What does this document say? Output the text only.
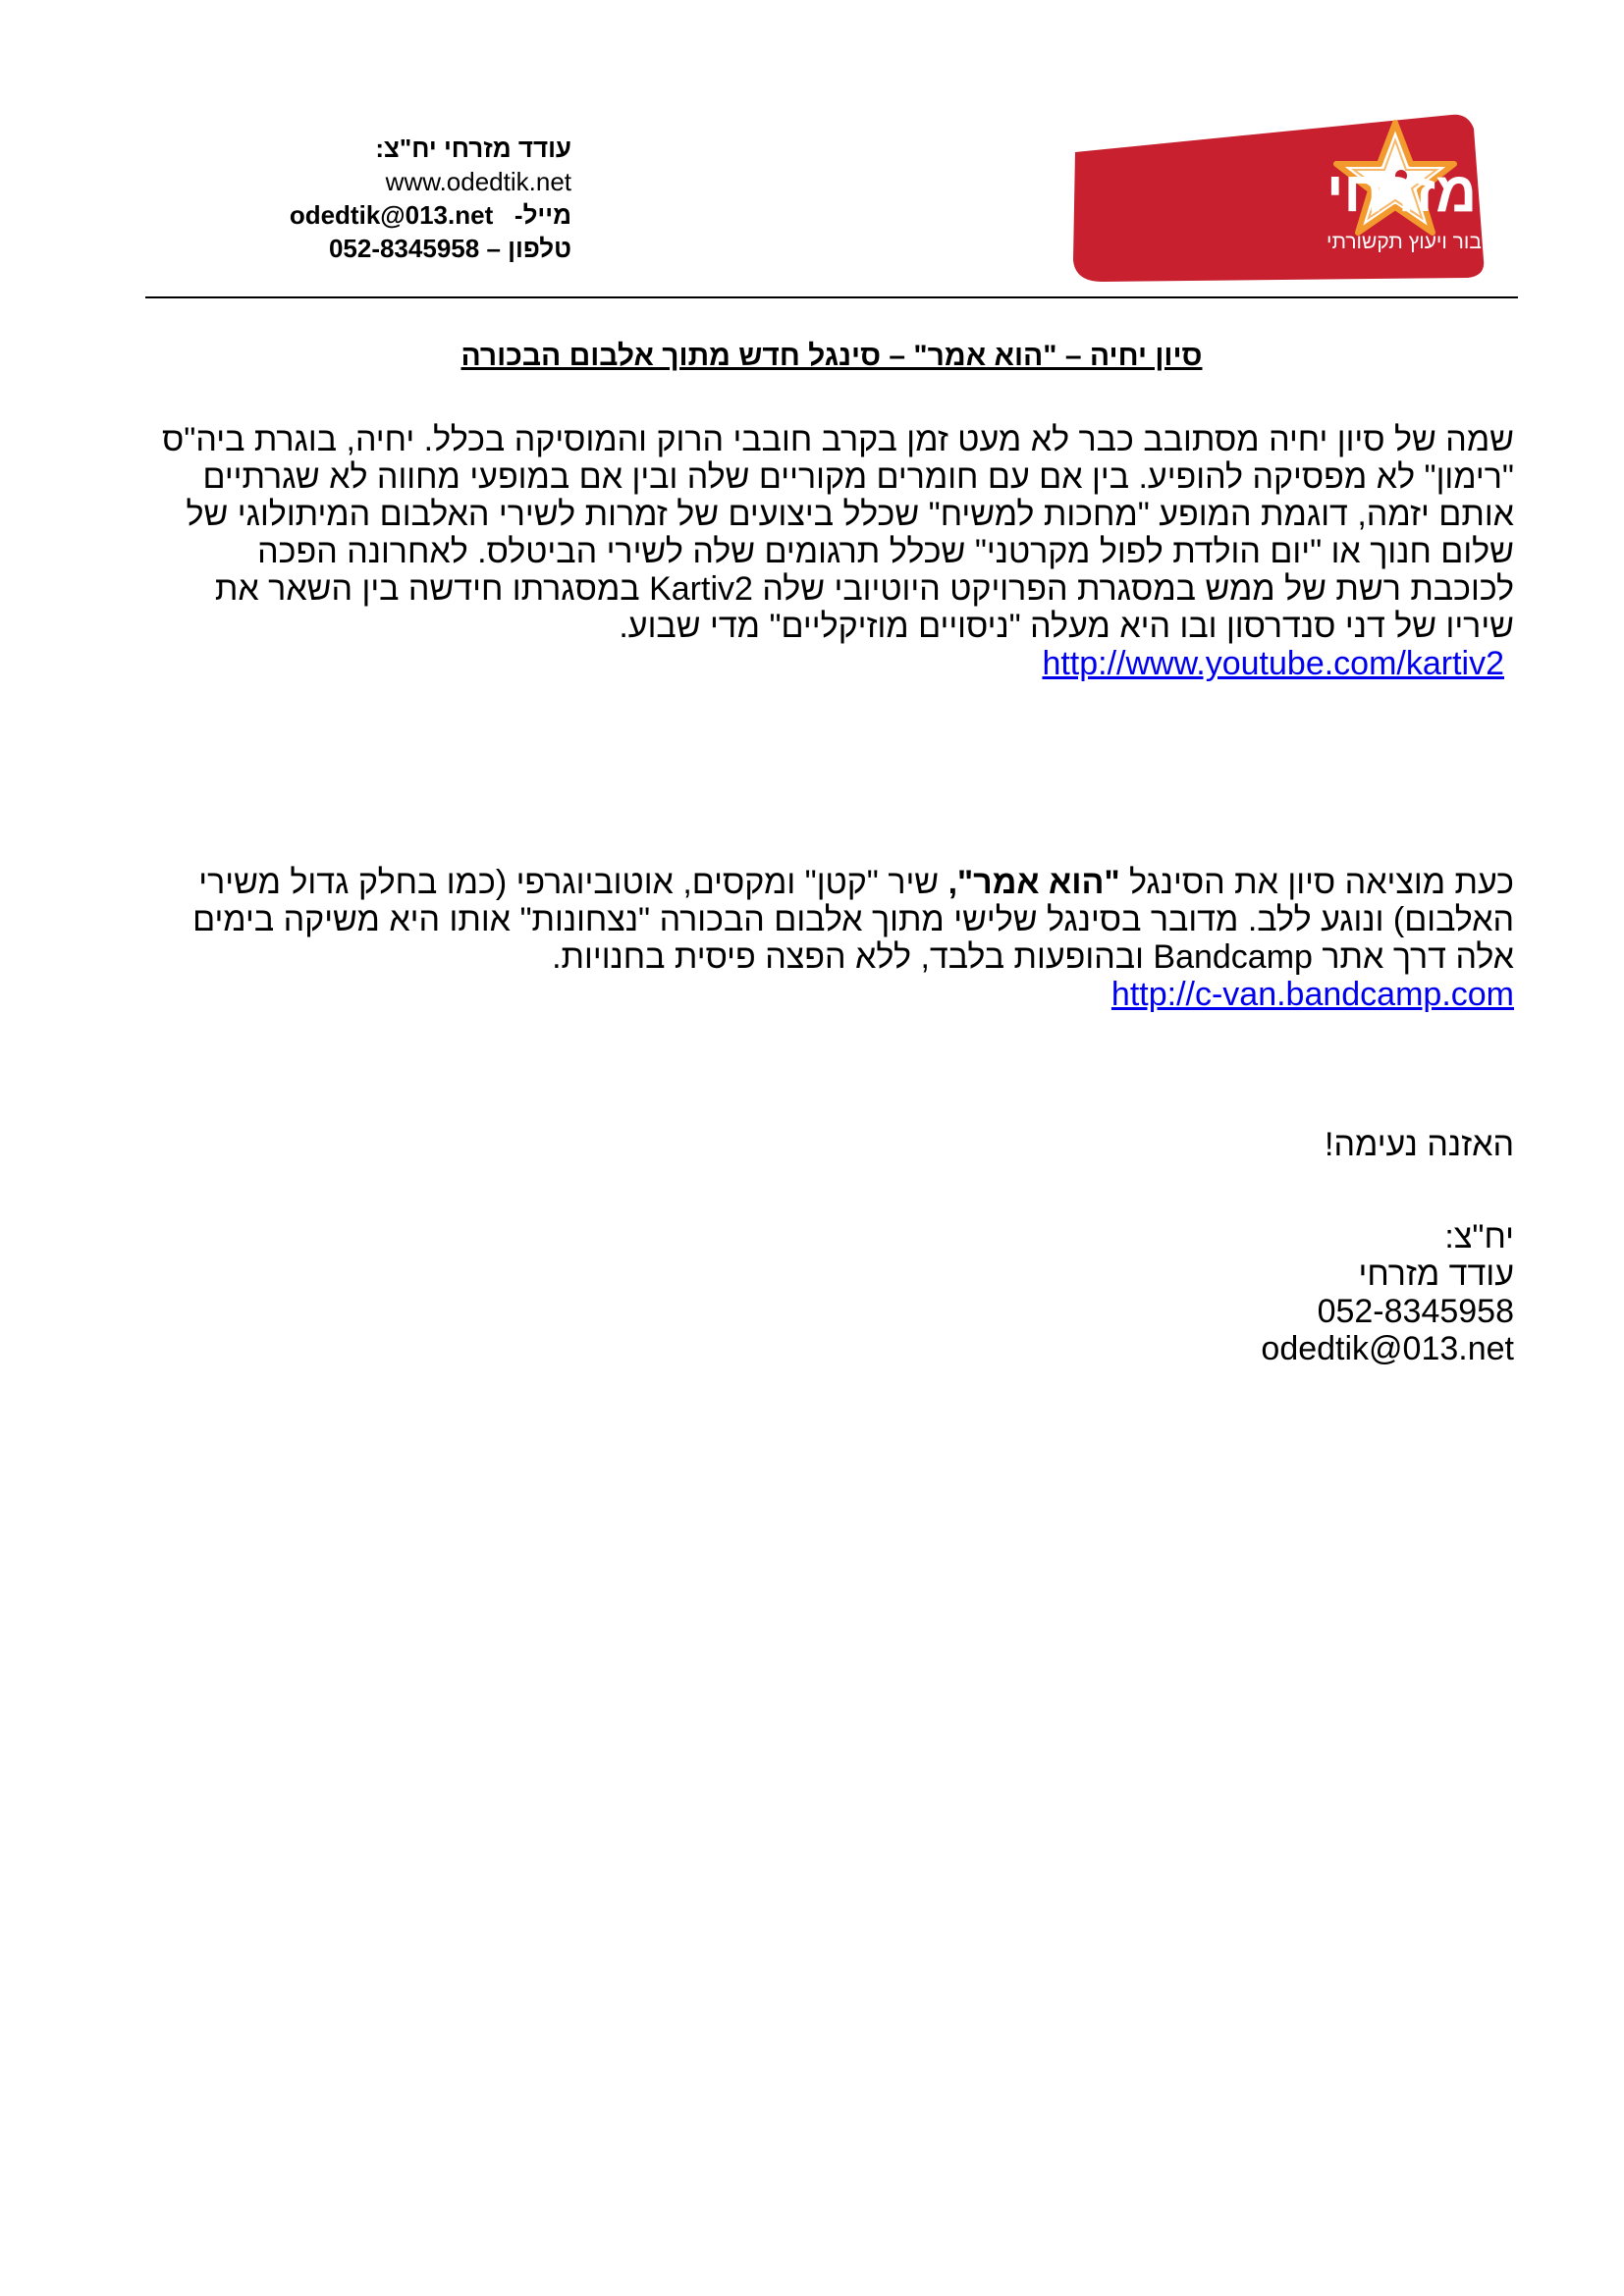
עודד מזרחי יח"צ:
www.odedtik.net
מייל-   odedtik@013.net
טלפון – 052-8345958
עודד מזרחי
יחסי ציבור ויעוץ תקשורתי
סיון יחיה – "הוא אמר" – סינגל חדש מתוך אלבום הבכורה
שמה של סיון יחיה מסתובב כבר לא מעט זמן בקרב חובבי הרוק והמוסיקה בכלל. יחיה, בוגרת ביה"ס "רימון" לא מפסיקה להופיע. בין אם עם חומרים מקוריים שלה ובין אם במופעי מחווה לא שגרתיים אותם יזמה, דוגמת המופע "מחכות למשיח" שכלל ביצועים של זמרות לשירי האלבום המיתולוגי של שלום חנוך או "יום הולדת לפול מקרטני" שכלל תרגומים שלה לשירי הביטלס. לאחרונה הפכה לכוכבת רשת של ממש במסגרת הפרויקט היוטיובי שלה Kartiv2 במסגרתו חידשה בין השאר את שיריו של דני סנדרסון ובו היא מעלה "ניסויים מוזיקליים" מדי שבוע.
http://www.youtube.com/kartiv2
כעת מוציאה סיון את הסינגל "הוא אמר", שיר "קטן" ומקסים, אוטוביוגרפי (כמו בחלק גדול משירי האלבום) ונוגע ללב. מדובר בסינגל שלישי מתוך אלבום הבכורה "נצחונות" אותו היא משיקה בימים אלה דרך אתר Bandcamp ובהופעות בלבד, ללא הפצה פיסית בחנויות.
http://c-van.bandcamp.com
האזנה נעימה!
יח"צ:
עודד מזרחי
052-8345958
odedtik@013.net
